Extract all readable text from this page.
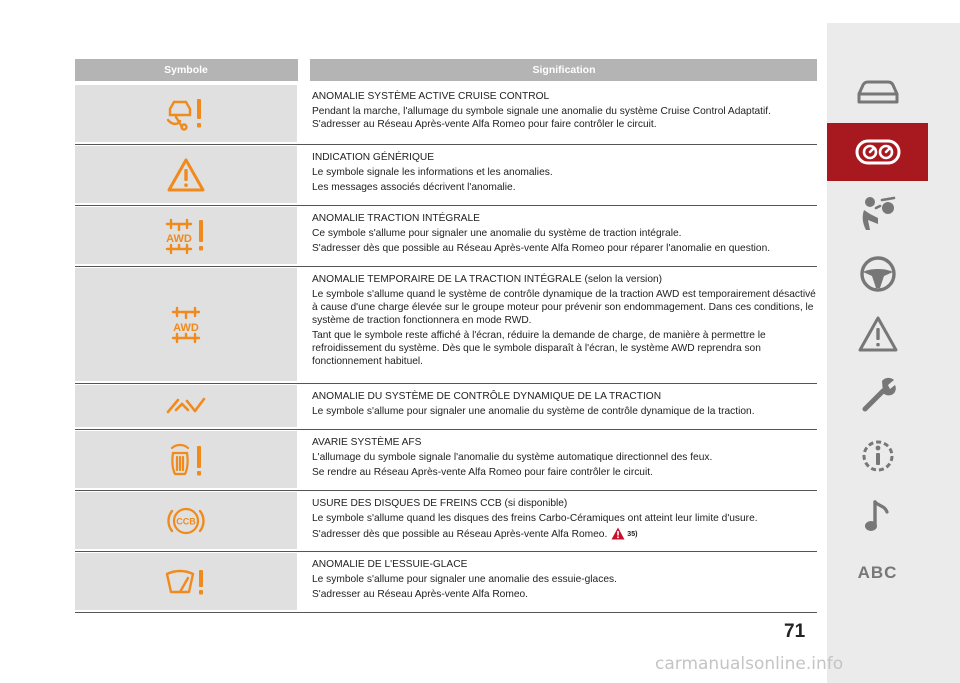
Symbole	Signification
ANOMALIE SYSTÈME ACTIVE CRUISE CONTROL
Pendant la marche, l'allumage du symbole signale une anomalie du système Cruise Control Adaptatif. S'adresser au Réseau Après-vente Alfa Romeo pour faire contrôler le circuit.
INDICATION GÉNÉRIQUE
Le symbole signale les informations et les anomalies.
Les messages associés décrivent l'anomalie.
AWD
ANOMALIE TRACTION INTÉGRALE
Ce symbole s'allume pour signaler une anomalie du système de traction intégrale.
S'adresser dès que possible au Réseau Après-vente Alfa Romeo pour réparer l'anomalie en question.
AWD
ANOMALIE TEMPORAIRE DE LA TRACTION INTÉGRALE (selon la version)
Le symbole s'allume quand le système de contrôle dynamique de la traction AWD est temporairement désactivé à cause d'une charge élevée sur le groupe moteur pour prévenir son endommagement. Dans ces conditions, le système de traction fonctionnera en mode RWD.
Tant que le symbole reste affiché à l'écran, réduire la demande de charge, de manière à permettre le refroidissement du système. Dès que le symbole disparaît à l'écran, le système AWD reprendra son fonctionnement habituel.
ANOMALIE DU SYSTÈME DE CONTRÔLE DYNAMIQUE DE LA TRACTION
Le symbole s'allume pour signaler une anomalie du système de contrôle dynamique de la traction.
AVARIE SYSTÈME AFS
L'allumage du symbole signale l'anomalie du système automatique directionnel des feux.
Se rendre au Réseau Après-vente Alfa Romeo pour faire contrôler le circuit.
CCB
USURE DES DISQUES DE FREINS CCB (si disponible)
Le symbole s'allume quand les disques des freins Carbo-Céramiques ont atteint leur limite d'usure.
S'adresser dès que possible au Réseau Après-vente Alfa Romeo.	35)
ANOMALIE DE L'ESSUIE-GLACE
Le symbole s'allume pour signaler une anomalie des essuie-glaces.
S'adresser au Réseau Après-vente Alfa Romeo.
ABC
71
carmanualsonline.info
